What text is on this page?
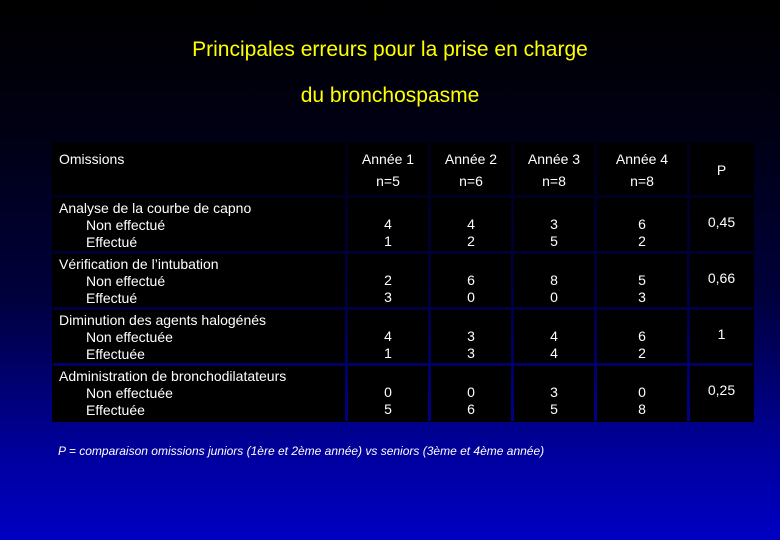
Principales erreurs pour la prise en charge
du bronchospasme
Omissions	Année 1
n=5
Année 2
n=6
Année 3
n=8
Année 4
n=8
P
Analyse de la courbe de capno
Non effectué
Effectué
4
1
4
2
3
5
6
2
0,45
Vérification de l’intubation
Non effectué
Effectué
2
3
6
0
8
0
5
3
0,66
Diminution des agents halogénés
Non effectuée
Effectuée
4
1
3
3
4
4
6
2
1
Administration de bronchodilatateurs
Non effectuée
Effectuée
0
5
0
6
3
5
0
8
0,25
P = comparaison omissions juniors (1ère et 2ème année) vs seniors (3ème et 4ème année)
